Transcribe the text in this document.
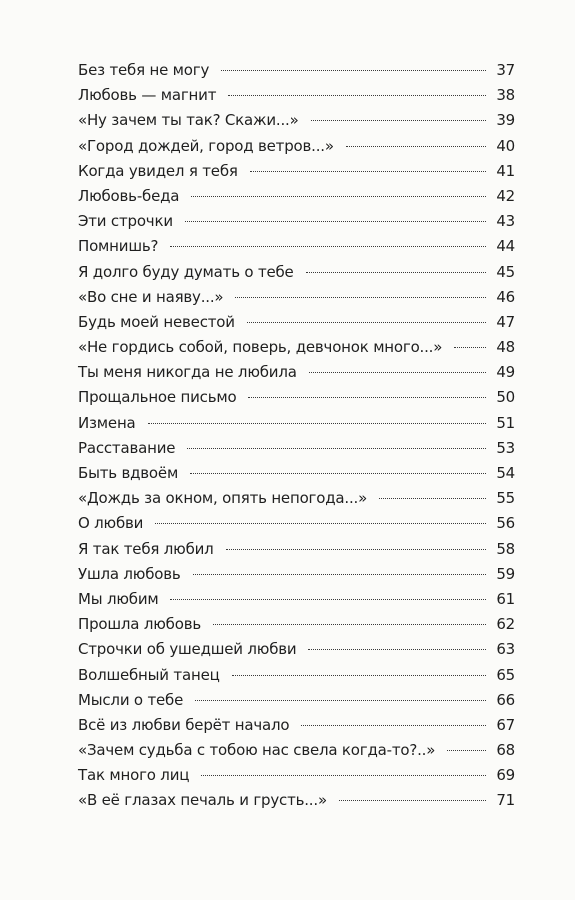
Без тебя не могу	37
Любовь — магнит	38
«Ну зачем ты так? Скажи...»	39
«Город дождей, город ветров...»	40
Когда увидел я тебя	41
Любовь-беда	42
Эти строчки	43
Помнишь?	44
Я долго буду думать о тебе	45
«Во сне и наяву...»	46
Будь моей невестой	47
«Не гордись собой, поверь, девчонок много...»	48
Ты меня никогда не любила	49
Прощальное письмо	50
Измена	51
Расставание	53
Быть вдвоём	54
«Дождь за окном, опять непогода...»	55
О любви	56
Я так тебя любил	58
Ушла любовь	59
Мы любим	61
Прошла любовь	62
Строчки об ушедшей любви	63
Волшебный танец	65
Мысли о тебе	66
Всё из любви берёт начало	67
«Зачем судьба с тобою нас свела когда-то?..»	68
Так много лиц	69
«В её глазах печаль и грусть...»	71
